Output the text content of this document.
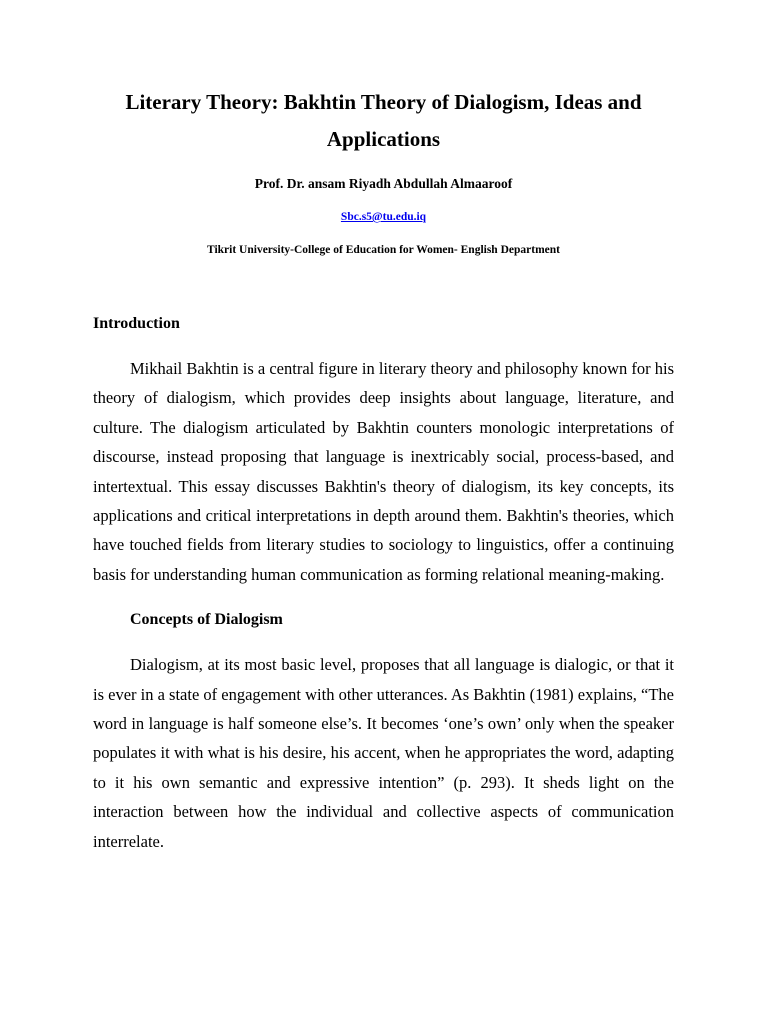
Literary Theory: Bakhtin Theory of Dialogism, Ideas and Applications

Prof. Dr. ansam Riyadh Abdullah Almaaroof

Sbc.s5@tu.edu.iq

Tikrit University-College of Education for Women- English Department

Introduction

Mikhail Bakhtin is a central figure in literary theory and philosophy known for his theory of dialogism, which provides deep insights about language, literature, and culture. The dialogism articulated by Bakhtin counters monologic interpretations of discourse, instead proposing that language is inextricably social, process-based, and intertextual. This essay discusses Bakhtin's theory of dialogism, its key concepts, its applications and critical interpretations in depth around them. Bakhtin's theories, which have touched fields from literary studies to sociology to linguistics, offer a continuing basis for understanding human communication as forming relational meaning-making.

Concepts of Dialogism

Dialogism, at its most basic level, proposes that all language is dialogic, or that it is ever in a state of engagement with other utterances. As Bakhtin (1981) explains, “The word in language is half someone else’s. It becomes ‘one’s own’ only when the speaker populates it with what is his desire, his accent, when he appropriates the word, adapting to it his own semantic and expressive intention” (p. 293). It sheds light on the interaction between how the individual and collective aspects of communication interrelate.
